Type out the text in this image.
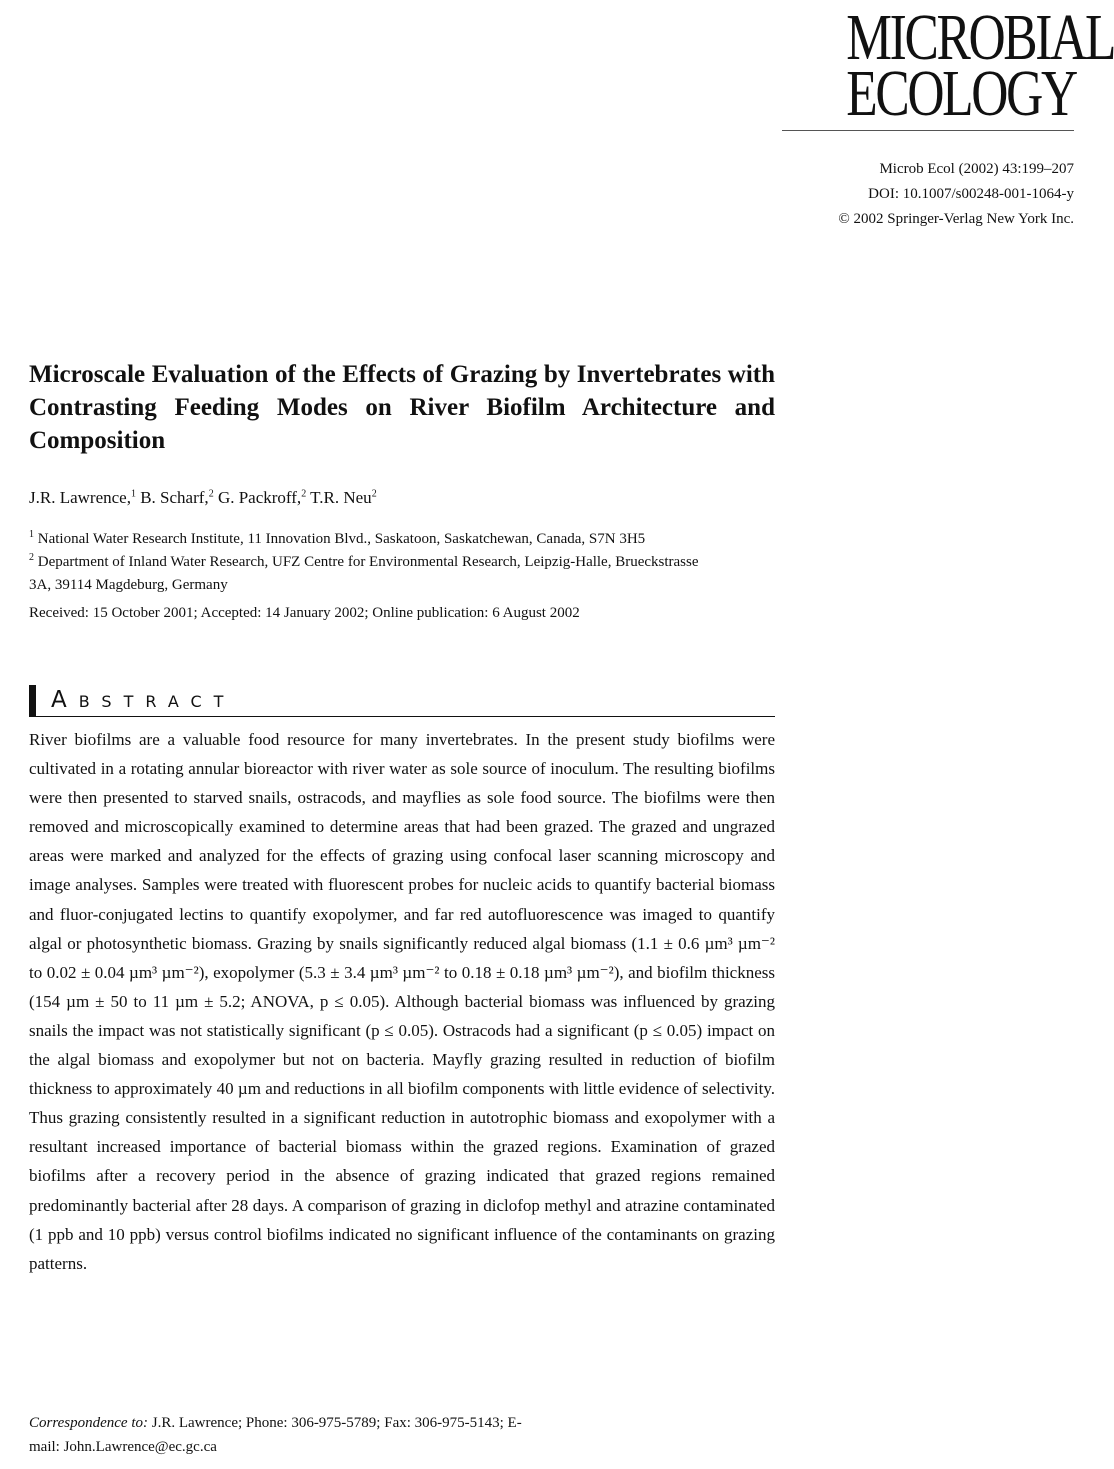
MICROBIAL
ECOLOGY
Microb Ecol (2002) 43:199–207
DOI: 10.1007/s00248-001-1064-y
© 2002 Springer-Verlag New York Inc.
Microscale Evaluation of the Effects of Grazing by Invertebrates with Contrasting Feeding Modes on River Biofilm Architecture and Composition
J.R. Lawrence,$^1$ B. Scharf,$^2$ G. Packroff,$^2$ T.R. Neu$^2$
$^1$ National Water Research Institute, 11 Innovation Blvd., Saskatoon, Saskatchewan, Canada, S7N 3H5
$^2$ Department of Inland Water Research, UFZ Centre for Environmental Research, Leipzig-Halle, Brueckstrasse 3A, 39114 Magdeburg, Germany
Received: 15 October 2001; Accepted: 14 January 2002; Online publication: 6 August 2002
ABSTRACT

River biofilms are a valuable food resource for many invertebrates. In the present study biofilms were cultivated in a rotating annular bioreactor with river water as sole source of inoculum. The resulting biofilms were then presented to starved snails, ostracods, and mayflies as sole food source. The biofilms were then removed and microscopically examined to determine areas that had been grazed. The grazed and ungrazed areas were marked and analyzed for the effects of grazing using confocal laser scanning microscopy and image analyses. Samples were treated with fluorescent probes for nucleic acids to quantify bacterial biomass and fluor-conjugated lectins to quantify exopolymer, and far red autofluorescence was imaged to quantify algal or photosynthetic biomass. Grazing by snails significantly reduced algal biomass (1.1 ± 0.6 µm³ µm⁻² to 0.02 ± 0.04 µm³ µm⁻²), exopolymer (5.3 ± 3.4 µm³ µm⁻² to 0.18 ± 0.18 µm³ µm⁻²), and biofilm thickness (154 µm ± 50 to 11 µm ± 5.2; ANOVA, p ≤ 0.05). Although bacterial biomass was influenced by grazing snails the impact was not statistically significant (p ≤ 0.05). Ostracods had a significant (p ≤ 0.05) impact on the algal biomass and exopolymer but not on bacteria. Mayfly grazing resulted in reduction of biofilm thickness to approximately 40 µm and reductions in all biofilm components with little evidence of selectivity. Thus grazing consistently resulted in a significant reduction in autotrophic biomass and exopolymer with a resultant increased importance of bacterial biomass within the grazed regions. Examination of grazed biofilms after a recovery period in the absence of grazing indicated that grazed regions remained predominantly bacterial after 28 days. A comparison of grazing in diclofop methyl and atrazine contaminated (1 ppb and 10 ppb) versus control biofilms indicated no significant influence of the contaminants on grazing patterns.

Correspondence to: J.R. Lawrence; Phone: 306-975-5789; Fax: 306-975-5143; E-mail: John.Lawrence@ec.gc.ca
